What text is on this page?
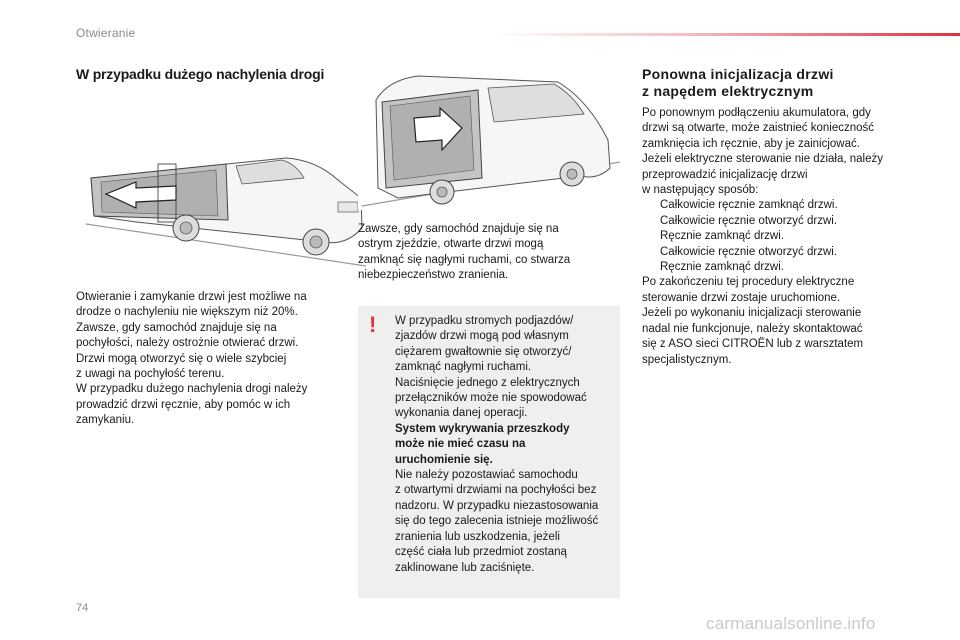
Otwieranie
W przypadku dużego nachylenia drogi
Otwieranie i zamykanie drzwi jest możliwe na
drodze o nachyleniu nie większym niż 20%.
Zawsze, gdy samochód znajduje się na
pochyłości, należy ostrożnie otwierać drzwi.
Drzwi mogą otworzyć się o wiele szybciej
z uwagi na pochyłość terenu.
W przypadku dużego nachylenia drogi należy
prowadzić drzwi ręcznie, aby pomóc w ich
zamykaniu.
Zawsze, gdy samochód znajduje się na
ostrym zjeździe, otwarte drzwi mogą
zamknąć się nagłymi ruchami, co stwarza
niebezpieczeństwo zranienia.
! W przypadku stromych podjazdów/
zjazdów drzwi mogą pod własnym
ciężarem gwałtownie się otworzyć/
zamknąć nagłymi ruchami.
Naciśnięcie jednego z elektrycznych
przełączników może nie spowodować
wykonania danej operacji.
System wykrywania przeszkody
może nie mieć czasu na
uruchomienie się.
Nie należy pozostawiać samochodu
z otwartymi drzwiami na pochyłości bez
nadzoru. W przypadku niezastosowania
się do tego zalecenia istnieje możliwość
zranienia lub uszkodzenia, jeżeli
część ciała lub przedmiot zostaną
zaklinowane lub zaciśnięte.
Ponowna inicjalizacja drzwi
z napędem elektrycznym
Po ponownym podłączeniu akumulatora, gdy
drzwi są otwarte, może zaistnieć konieczność
zamknięcia ich ręcznie, aby je zainicjować.
Jeżeli elektryczne sterowanie nie działa, należy
przeprowadzić inicjalizację drzwi
w następujący sposób:
Całkowicie ręcznie zamknąć drzwi.
Całkowicie ręcznie otworzyć drzwi.
Ręcznie zamknąć drzwi.
Całkowicie ręcznie otworzyć drzwi.
Ręcznie zamknąć drzwi.
Po zakończeniu tej procedury elektryczne
sterowanie drzwi zostaje uruchomione.
Jeżeli po wykonaniu inicjalizacji sterowanie
nadal nie funkcjonuje, należy skontaktować
się z ASO sieci CITROËN lub z warsztatem
specjalistycznym.
74
carmanualsonline.info
